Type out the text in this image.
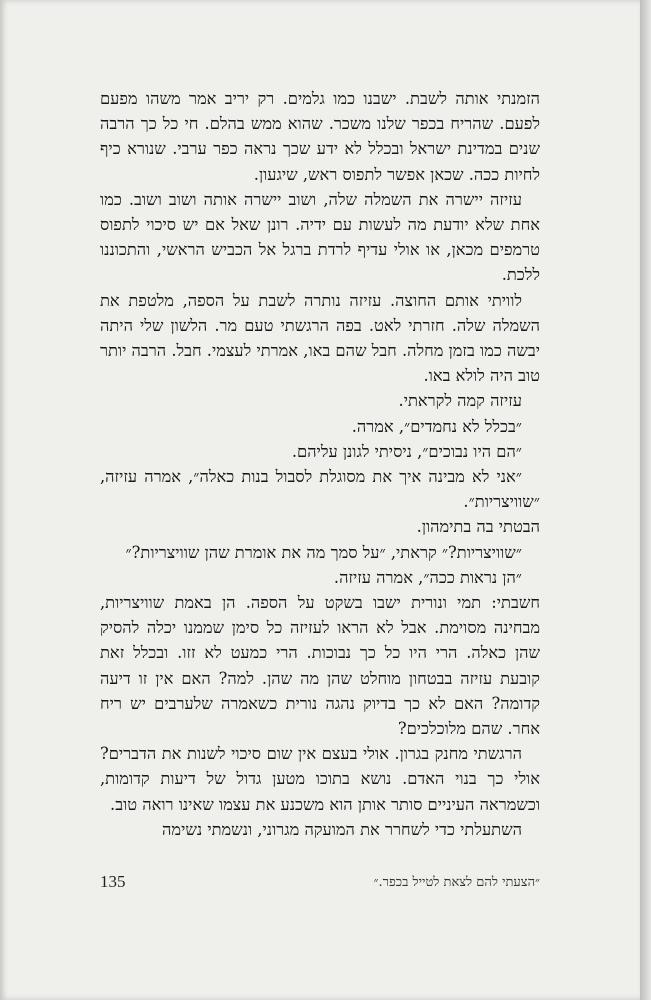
הזמנתי אותה לשבת. ישבנו כמו גלמים. רק יריב אמר משהו מפעם לפעם. שהריח בכפר שלנו משכר. שהוא ממש בהלם. חי כל כך הרבה שנים במדינת ישראל ובכלל לא ידע שכך נראה כפר ערבי. שנורא כיף לחיות ככה. שכאן אפשר לתפוס ראש, שיגעון.

עזיזה יישרה את השמלה שלה, ושוב יישרה אותה ושוב ושוב. כמו אחת שלא יודעת מה לעשות עם ידיה. רונן שאל אם יש סיכוי לתפוס טרמפים מכאן, או אולי עדיף לרדת ברגל אל הכביש הראשי, והתכוננו ללכת.

לוויתי אותם החוצה. עזיזה נותרה לשבת על הספה, מלטפת את השמלה שלה. חזרתי לאט. בפה הרגשתי טעם מר. הלשון שלי היתה יבשה כמו בזמן מחלה. חבל שהם באו, אמרתי לעצמי. חבל. הרבה יותר טוב היה לולא באו.

עזיזה קמה לקראתי.

״בכלל לא נחמדים״, אמרה.

״הם היו נבוכים״, ניסיתי לגונן עליהם.

״אני לא מבינה איך את מסוגלת לסבול בנות כאלה״, אמרה עזיזה, ״שוויצריות״.

הבטתי בה בתימהון.

״שוויצריות?״ קראתי, ״על סמך מה את אומרת שהן שוויצריות?״

״הן נראות ככה״, אמרה עזיזה.

חשבתי: תמי ונורית ישבו בשקט על הספה. הן באמת שוויצריות, מבחינה מסוימת. אבל לא הראו לעזיזה כל סימן שממנו יכלה להסיק שהן כאלה. הרי היו כל כך נבוכות. הרי כמעט לא זזו. ובכלל זאת קובעת עזיזה בבטחון מוחלט שהן מה שהן. למה? האם אין זו דיעה קדומה? האם לא כך בדיוק נהגה נורית כשאמרה שלערבים יש ריח אחר. שהם מלוכלכים?

הרגשתי מחנק בגרון. אולי בעצם אין שום סיכוי לשנות את הדברים? אולי כך בנוי האדם. נושא בתוכו מטען גדול של דיעות קדומות, וכשמראה העיניים סותר אותן הוא משכנע את עצמו שאינו רואה טוב.

השתעלתי כדי לשחרר את המועקה מגרוני, ונשמתי נשימה

135	״הצעתי להם לצאת לטייל בכפר.״
